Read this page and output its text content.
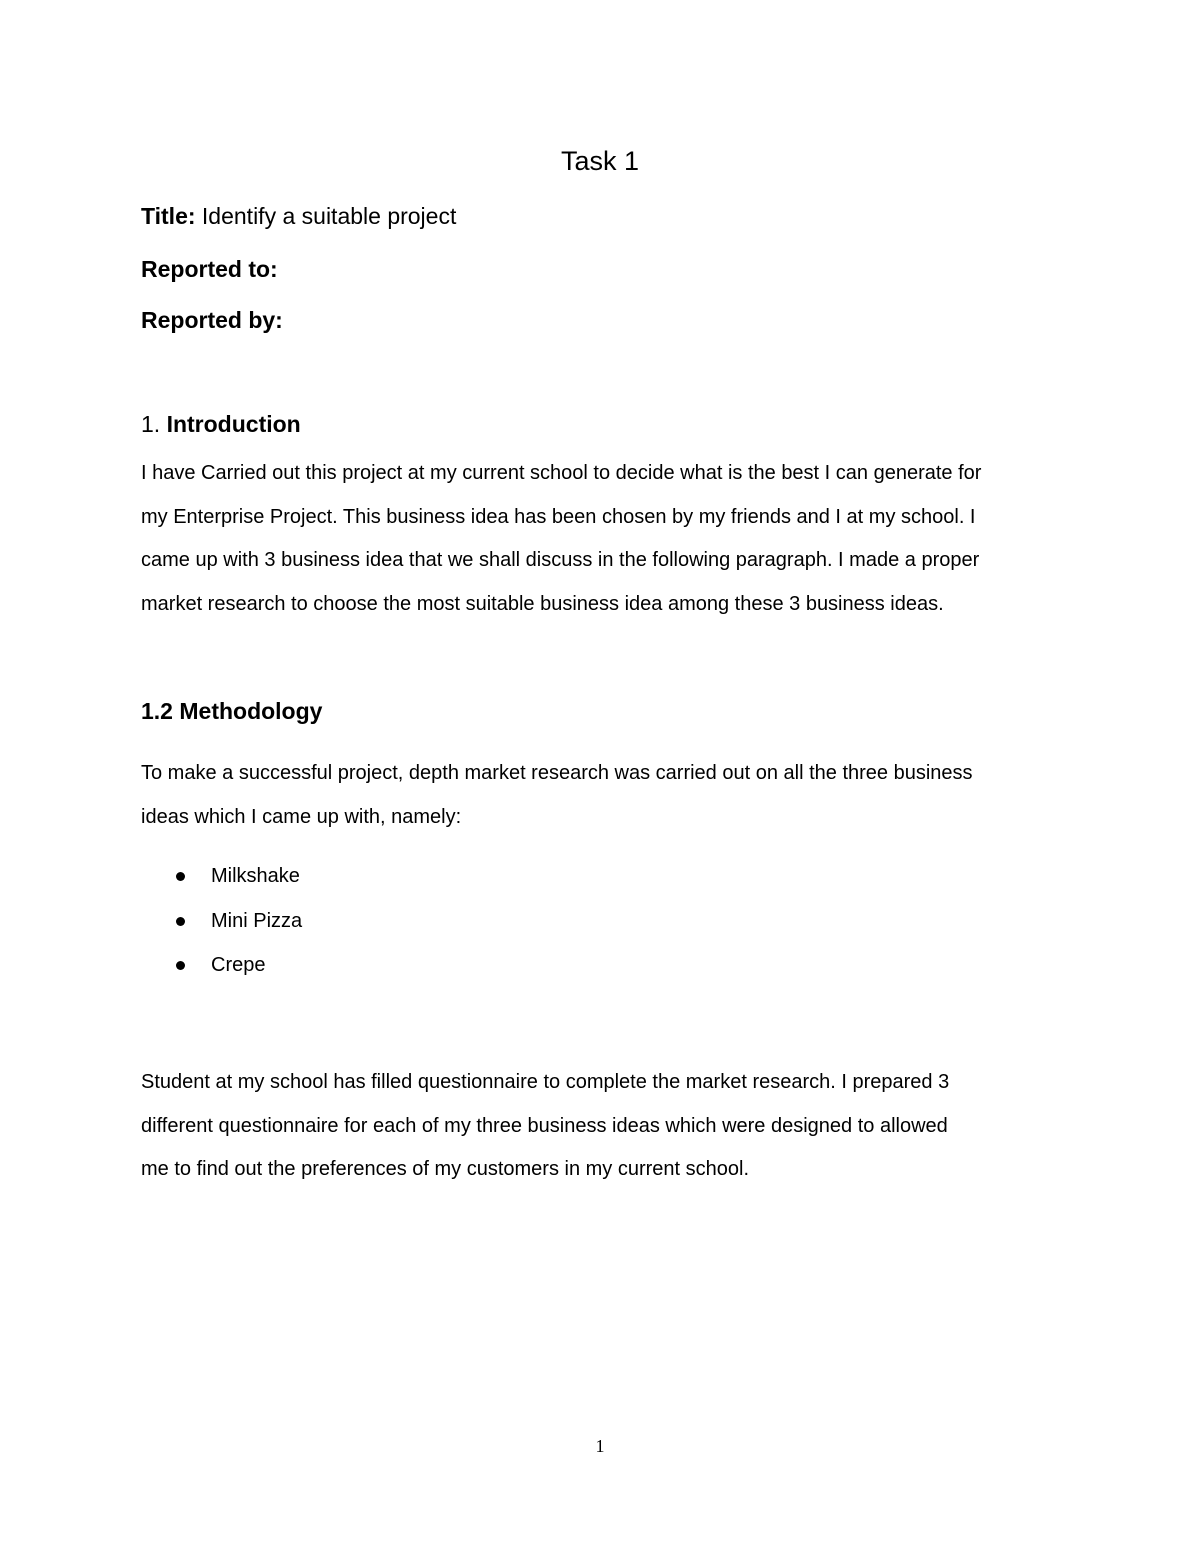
Task 1
Title: Identify a suitable project
Reported to:
Reported by:
1. Introduction
I have Carried out this project at my current school to decide what is the best I can generate for
my Enterprise Project. This business idea has been chosen by my friends and I at my school. I
came up with 3 business idea that we shall discuss in the following paragraph. I made a proper
market research to choose the most suitable business idea among these 3 business ideas.
1.2 Methodology
To make a successful project, depth market research was carried out on all the three business
ideas which I came up with, namely:
Milkshake
Mini Pizza
Crepe
Student at my school has filled questionnaire to complete the market research. I prepared 3
different questionnaire for each of my three business ideas which were designed to allowed
me to find out the preferences of my customers in my current school.
1
